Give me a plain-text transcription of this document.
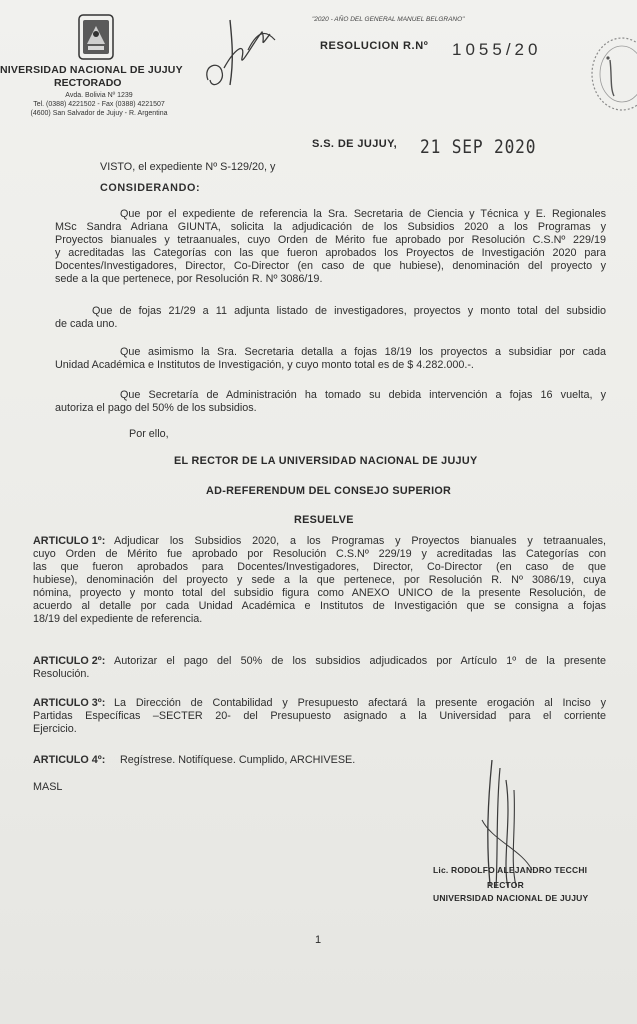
NIVERSIDAD NACIONAL DE JUJUY
RECTORADO
Avda. Bolivia Nº 1239
Tel. (0388) 4221502 - Fax (0388) 4221507
(4600) San Salvador de Jujuy - R. Argentina
"2020 - AÑO DEL GENERAL MANUEL BELGRANO"
RESOLUCION R.Nº 1055/20
S.S. DE JUJUY, 21 SEP 2020
VISTO, el expediente Nº S-129/20, y
CONSIDERANDO:
Que por el expediente de referencia la Sra. Secretaria de Ciencia y Técnica y E. Regionales
MSc Sandra Adriana GIUNTA, solicita la adjudicación de los Subsidios 2020 a los Programas y
Proyectos bianuales y tetraanuales, cuyo Orden de Mérito fue aprobado por Resolución C.S.Nº 229/19
y acreditadas las Categorías con las que fueron aprobados los Proyectos de Investigación 2020 para
Docentes/Investigadores, Director, Co-Director (en caso de que hubiese), denominación del proyecto y
sede a la que pertenece, por Resolución R. Nº 3086/19.
Que de fojas 21/29 a 11 adjunta listado de investigadores, proyectos y monto total del subsidio
de cada uno.
Que asimismo la Sra. Secretaria detalla a fojas 18/19 los proyectos a subsidiar por cada
Unidad Académica e Institutos de Investigación, y cuyo monto total es de $ 4.282.000.-.
Que Secretaría de Administración ha tomado su debida intervención a fojas 16 vuelta, y
autoriza el pago del 50% de los subsidios.
Por ello,
EL RECTOR DE LA UNIVERSIDAD NACIONAL DE JUJUY
AD-REFERENDUM DEL CONSEJO SUPERIOR
RESUELVE
ARTICULO 1º: Adjudicar los Subsidios 2020, a los Programas y Proyectos bianuales y tetraanuales,
cuyo Orden de Mérito fue aprobado por Resolución C.S.Nº 229/19 y acreditadas las Categorías con
las que fueron aprobados para Docentes/Investigadores, Director, Co-Director (en caso de que
hubiese), denominación del proyecto y sede a la que pertenece, por Resolución R. Nº 3086/19, cuya
nómina, proyecto y monto total del subsidio figura como ANEXO UNICO de la presente Resolución, de
acuerdo al detalle por cada Unidad Académica e Institutos de Investigación que se consigna a fojas
18/19 del expediente de referencia.
ARTICULO 2º: Autorizar el pago del 50% de los subsidios adjudicados por Artículo 1º de la presente
Resolución.
ARTICULO 3º: La Dirección de Contabilidad y Presupuesto afectará la presente erogación al Inciso y
Partidas Específicas –SECTER 20- del Presupuesto asignado a la Universidad para el corriente
Ejercicio.
ARTICULO 4º: Regístrese. Notifíquese. Cumplido, ARCHIVESE.
MASL
Lic. RODOLFO ALEJANDRO TECCHI
RECTOR
UNIVERSIDAD NACIONAL DE JUJUY
1
